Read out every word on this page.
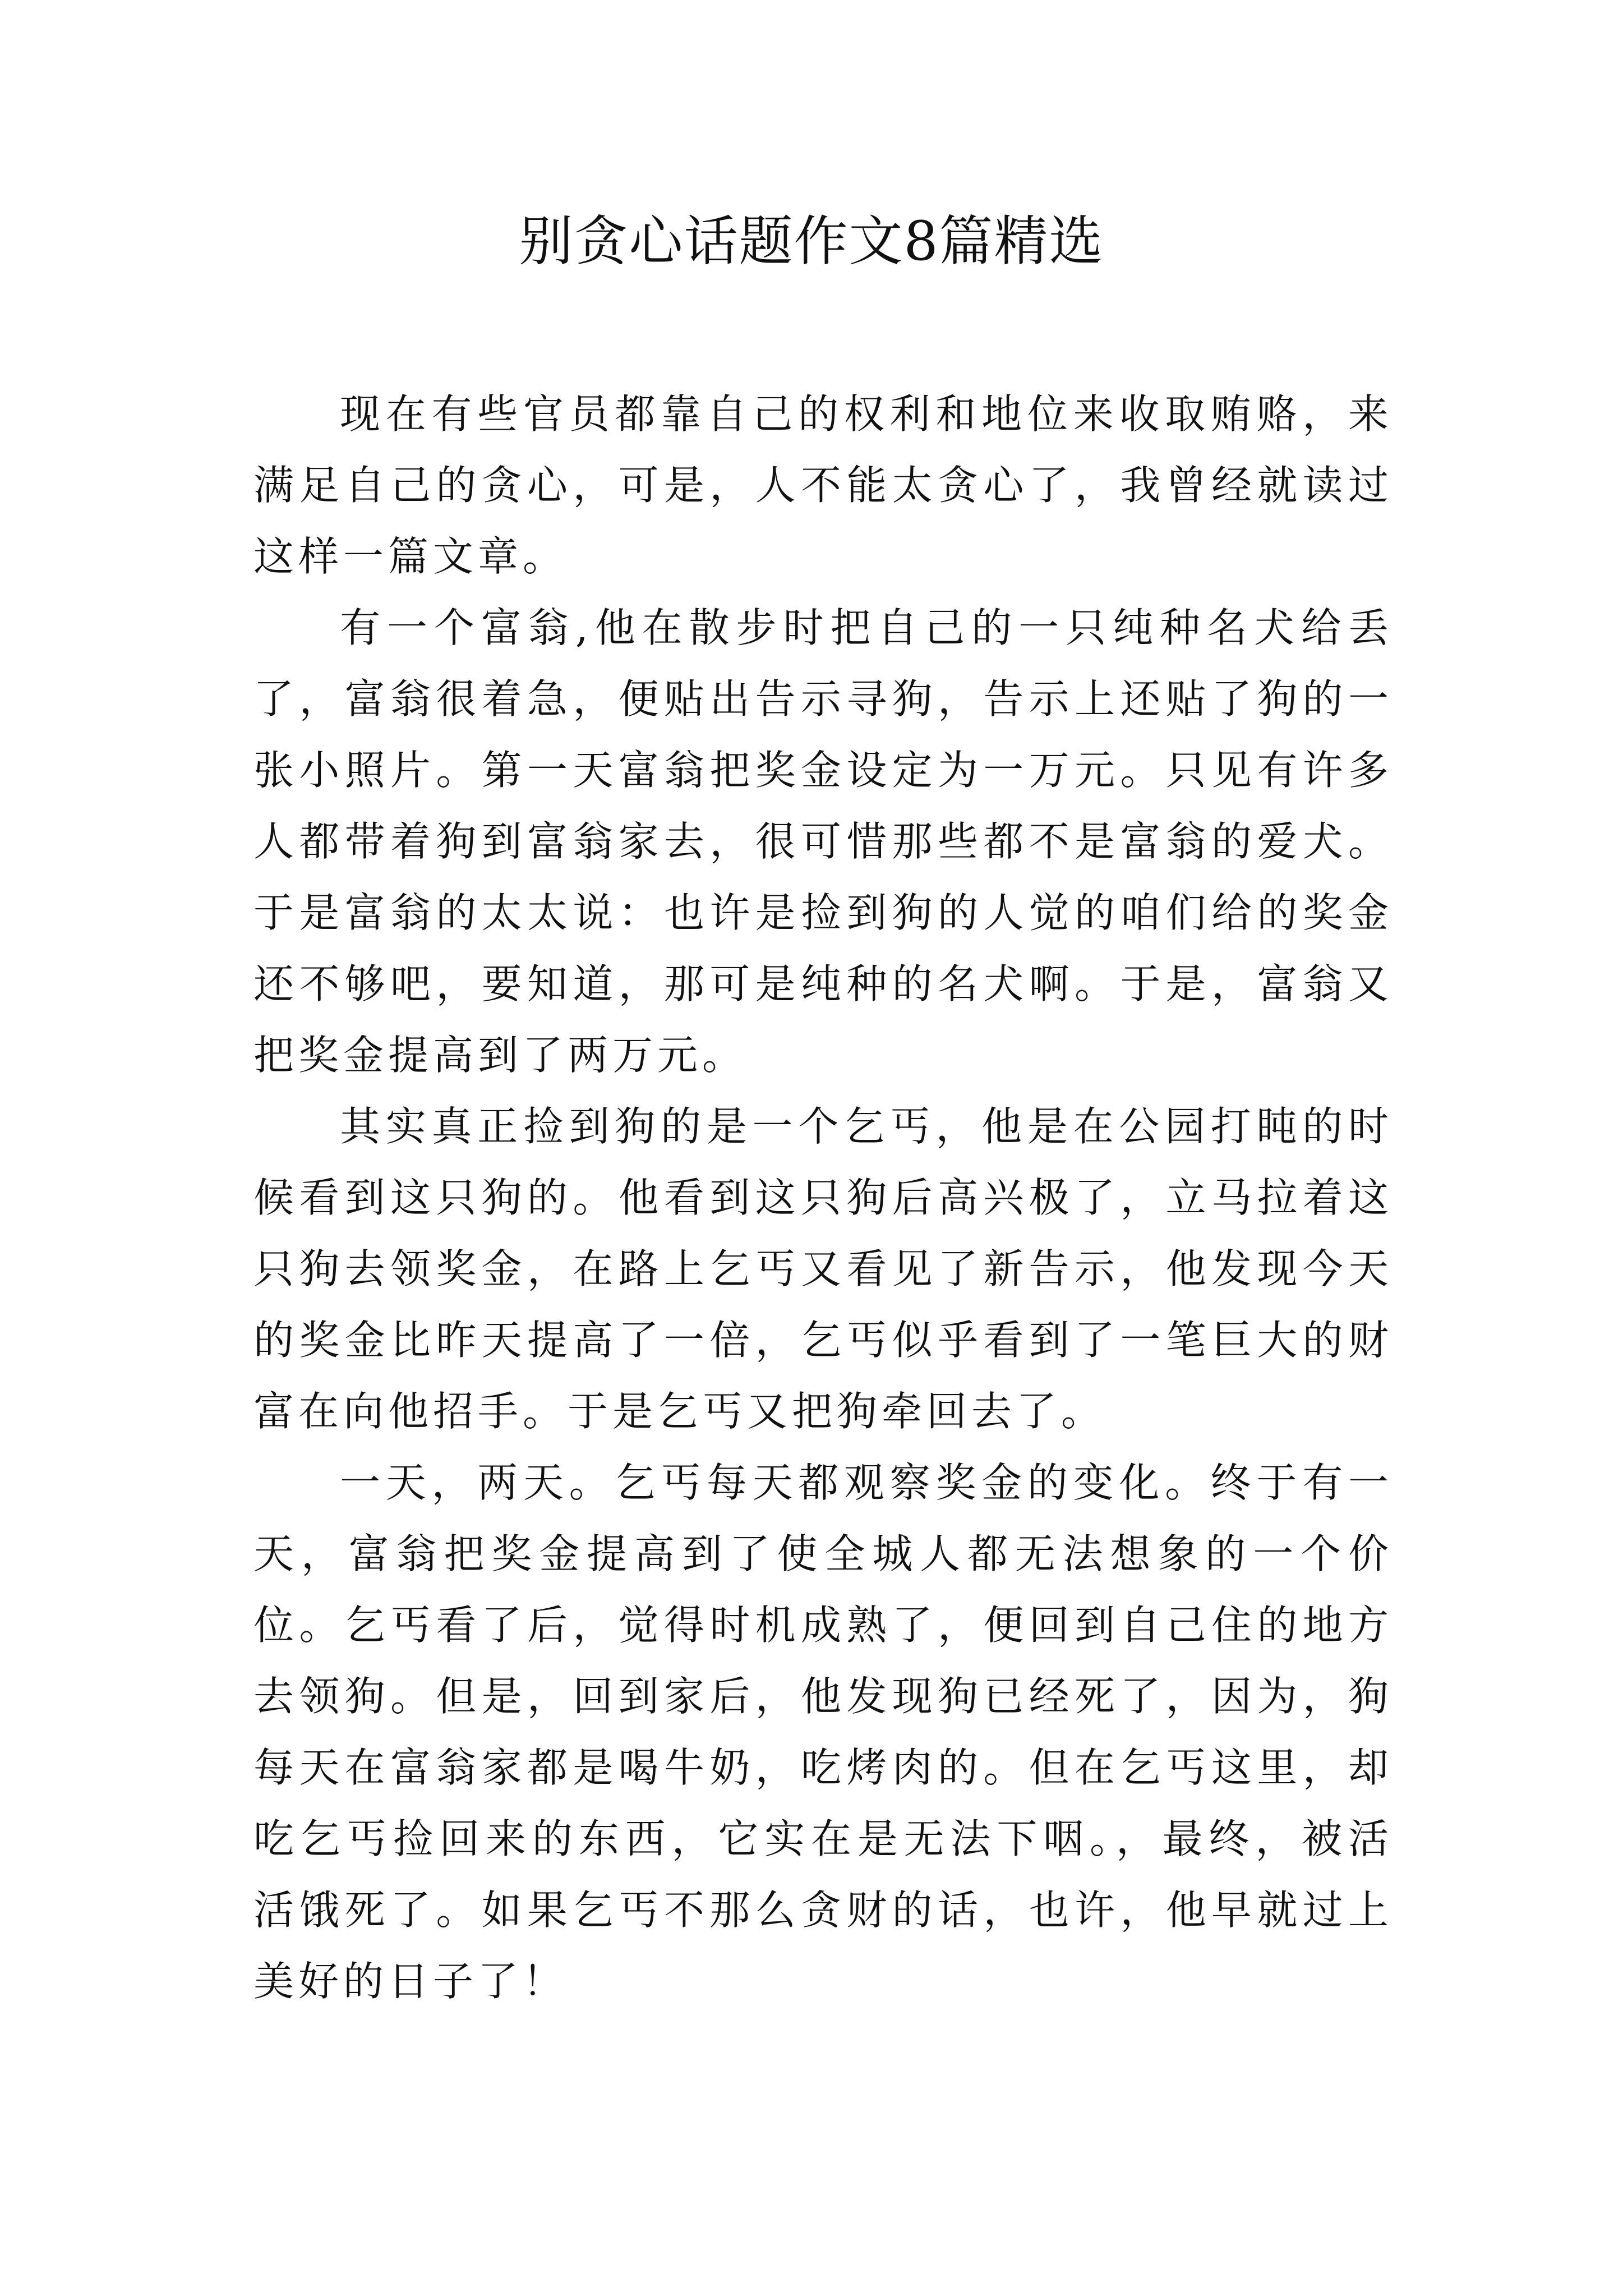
别贪心话题作文8篇精选

现在有些官员都靠自己的权利和地位来收取贿赂，来满足自己的贪心，可是，人不能太贪心了，我曾经就读过这样一篇文章。

有一个富翁,他在散步时把自己的一只纯种名犬给丢了，富翁很着急，便贴出告示寻狗，告示上还贴了狗的一张小照片。第一天富翁把奖金设定为一万元。只见有许多人都带着狗到富翁家去，很可惜那些都不是富翁的爱犬。于是富翁的太太说：也许是捡到狗的人觉的咱们给的奖金还不够吧，要知道，那可是纯种的名犬啊。于是，富翁又把奖金提高到了两万元。

其实真正捡到狗的是一个乞丐，他是在公园打盹的时候看到这只狗的。他看到这只狗后高兴极了，立马拉着这只狗去领奖金，在路上乞丐又看见了新告示，他发现今天的奖金比昨天提高了一倍，乞丐似乎看到了一笔巨大的财富在向他招手。于是乞丐又把狗牵回去了。

一天，两天。乞丐每天都观察奖金的变化。终于有一天，富翁把奖金提高到了使全城人都无法想象的一个价位。乞丐看了后，觉得时机成熟了，便回到自己住的地方去领狗。但是，回到家后，他发现狗已经死了，因为，狗每天在富翁家都是喝牛奶，吃烤肉的。但在乞丐这里，却吃乞丐捡回来的东西，它实在是无法下咽。，最终，被活活饿死了。如果乞丐不那么贪财的话，也许，他早就过上美好的日子了！
